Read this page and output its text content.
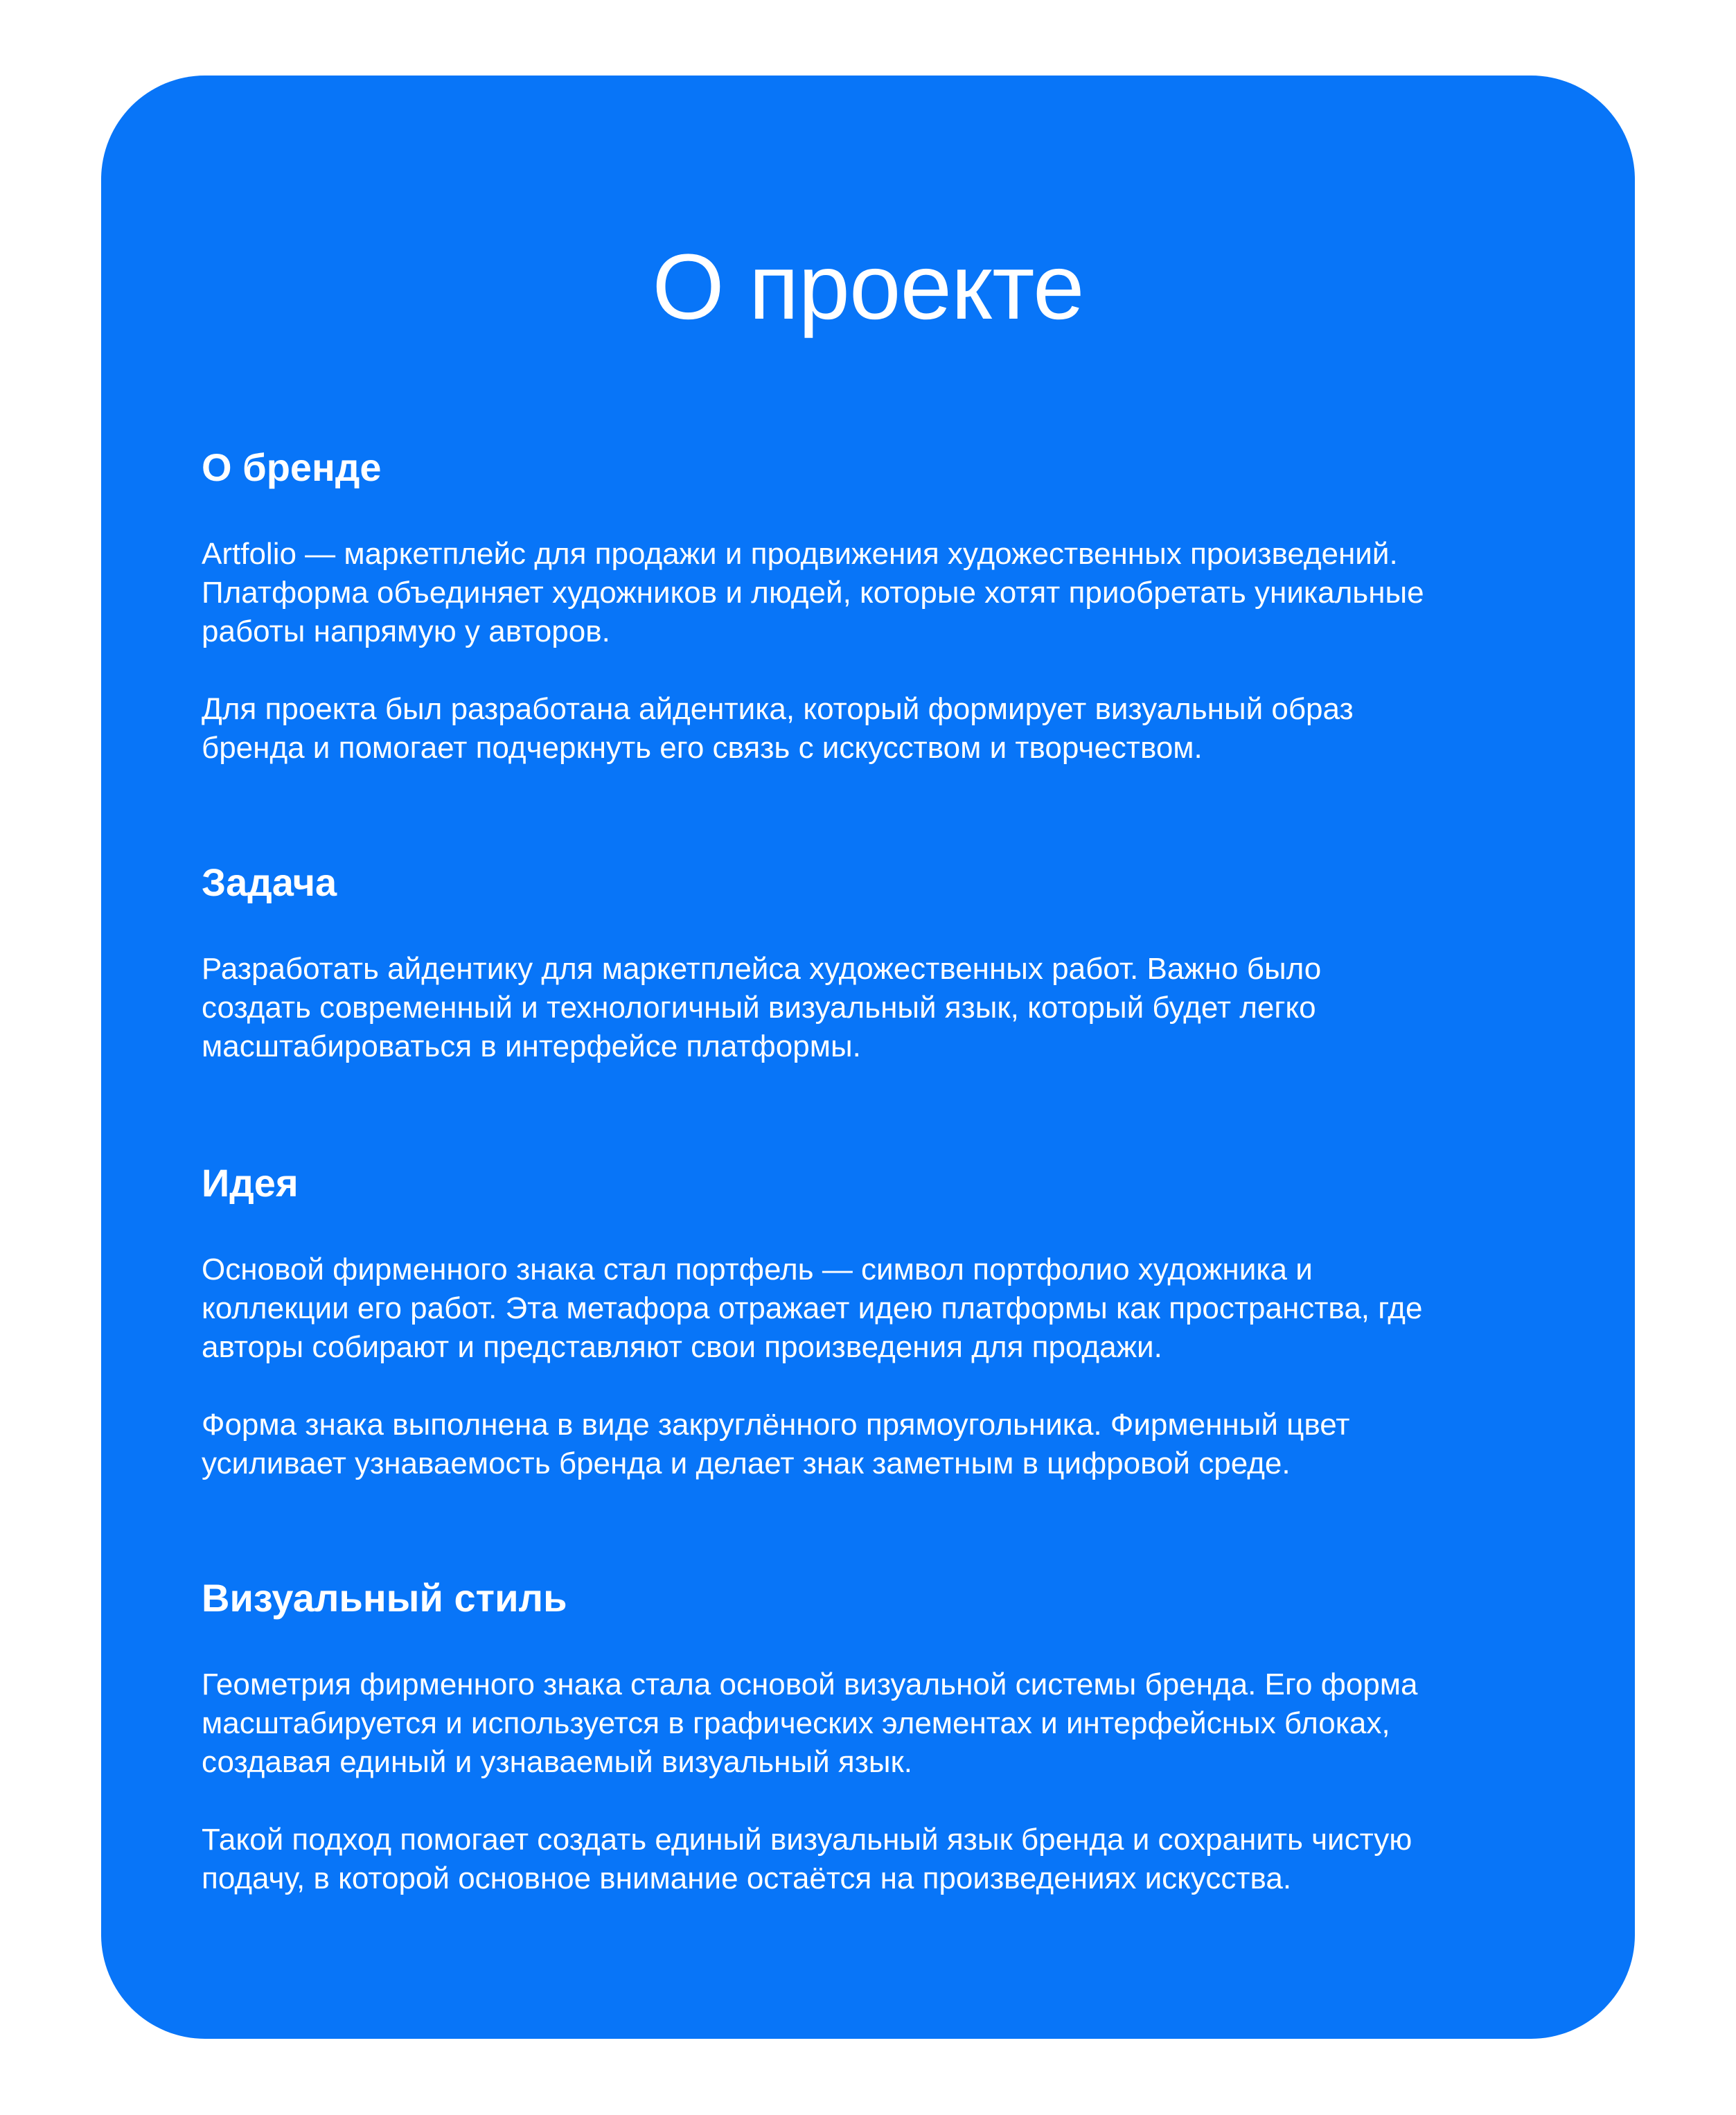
О проекте
О бренде

Artfolio — маркетплейс для продажи и продвижения художественных произведений.
Платформа объединяет художников и людей, которые хотят приобретать уникальные
работы напрямую у авторов.

Для проекта был разработана айдентика, который формирует визуальный образ
бренда и помогает подчеркнуть его связь с искусством и творчеством.

Задача

Разработать айдентику для маркетплейса художественных работ. Важно было
создать современный и технологичный визуальный язык, который будет легко
масштабироваться в интерфейсе платформы.

Идея

Основой фирменного знака стал портфель — символ портфолио художника и
коллекции его работ. Эта метафора отражает идею платформы как пространства, где
авторы собирают и представляют свои произведения для продажи.

Форма знака выполнена в виде закруглённого прямоугольника. Фирменный цвет
усиливает узнаваемость бренда и делает знак заметным в цифровой среде.

Визуальный стиль

Геометрия фирменного знака стала основой визуальной системы бренда. Его форма
масштабируется и используется в графических элементах и интерфейсных блоках,
создавая единый и узнаваемый визуальный язык.

Такой подход помогает создать единый визуальный язык бренда и сохранить чистую
подачу, в которой основное внимание остаётся на произведениях искусства.
